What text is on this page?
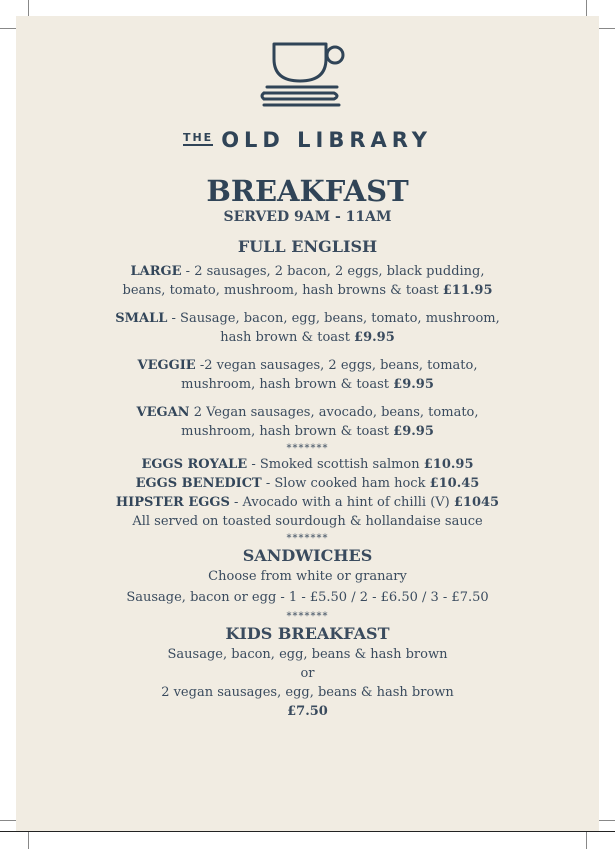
$^{THE}$ OLD LIBRARY
BREAKFAST
SERVED 9AM - 11AM
FULL ENGLISH
LARGE - 2 sausages, 2 bacon, 2 eggs, black pudding,
beans, tomato, mushroom, hash browns & toast £11.95
SMALL - Sausage, bacon, egg, beans, tomato, mushroom,
hash brown & toast £9.95
VEGGIE -2 vegan sausages, 2 eggs, beans, tomato,
mushroom, hash brown & toast £9.95
VEGAN 2 Vegan sausages, avocado, beans, tomato,
mushroom, hash brown & toast £9.95
*******
EGGS ROYALE - Smoked scottish salmon £10.95
EGGS BENEDICT - Slow cooked ham hock £10.45
HIPSTER EGGS - Avocado with a hint of chilli (V) £1045
All served on toasted sourdough & hollandaise sauce
*******
SANDWICHES
Choose from white or granary
Sausage, bacon or egg - 1 - £5.50 / 2 - £6.50 / 3 - £7.50
*******
KIDS BREAKFAST
Sausage, bacon, egg, beans & hash brown
or
2 vegan sausages, egg, beans & hash brown
£7.50
